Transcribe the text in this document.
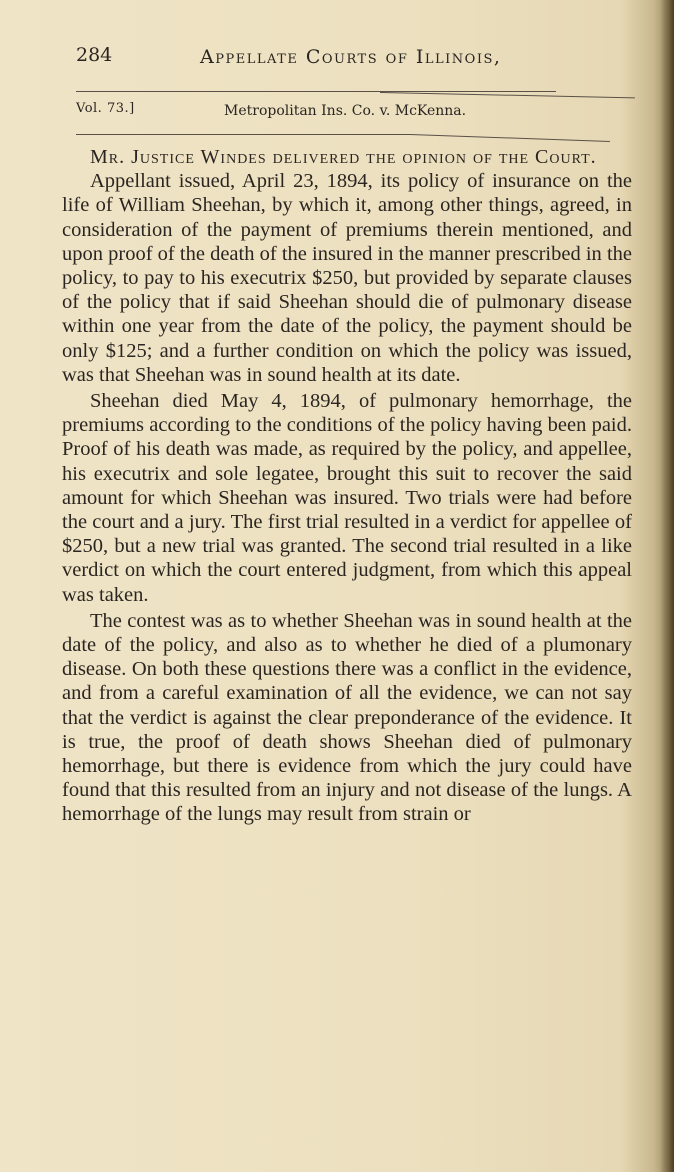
284	Appellate Courts of Illinois,
Vol. 73.]	Metropolitan Ins. Co. v. McKenna.

Mr. Justice Windes delivered the opinion of the Court.

Appellant issued, April 23, 1894, its policy of insurance on the life of William Sheehan, by which it, among other things, agreed, in consideration of the payment of premiums therein mentioned, and upon proof of the death of the insured in the manner prescribed in the policy, to pay to his executrix $250, but provided by separate clauses of the policy that if said Sheehan should die of pulmonary disease within one year from the date of the policy, the payment should be only $125; and a further condition on which the policy was issued, was that Sheehan was in sound health at its date.

Sheehan died May 4, 1894, of pulmonary hemorrhage, the premiums according to the conditions of the policy having been paid. Proof of his death was made, as required by the policy, and appellee, his executrix and sole legatee, brought this suit to recover the said amount for which Sheehan was insured. Two trials were had before the court and a jury. The first trial resulted in a verdict for appellee of $250, but a new trial was granted. The second trial resulted in a like verdict on which the court entered judgment, from which this appeal was taken.

The contest was as to whether Sheehan was in sound health at the date of the policy, and also as to whether he died of a plumonary disease. On both these questions there was a conflict in the evidence, and from a careful examination of all the evidence, we can not say that the verdict is against the clear preponderance of the evidence. It is true, the proof of death shows Sheehan died of pulmonary hemorrhage, but there is evidence from which the jury could have found that this resulted from an injury and not disease of the lungs. A hemorrhage of the lungs may result from strain or
